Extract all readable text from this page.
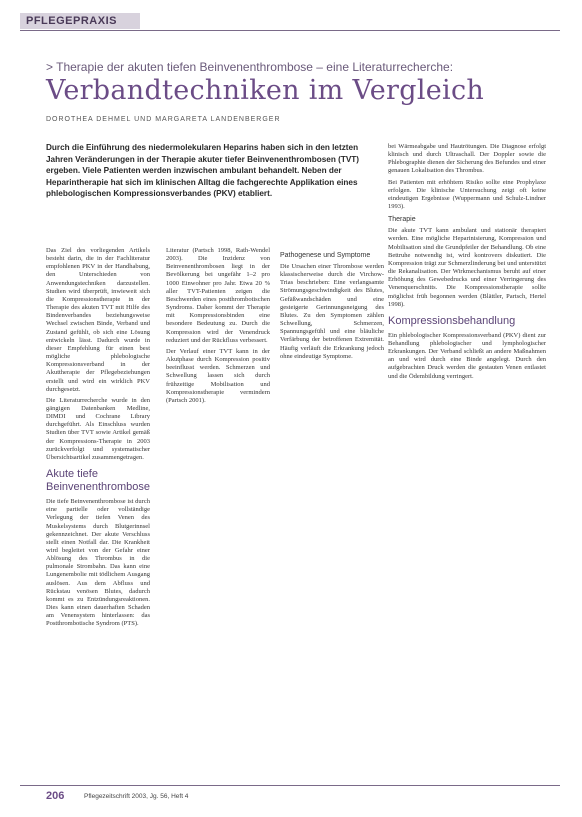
PFLEGEPRAXIS
> Therapie der akuten tiefen Beinvenenthrombose – eine Literaturrecherche:
Verbandtechniken im Vergleich
DOROTHEA DEHMEL UND MARGARETA LANDENBERGER
Durch die Einführung des niedermolekularen Heparins haben sich in den letzten Jahren Veränderungen in der Therapie akuter tiefer Beinvenenthrombosen (TVT) ergeben. Viele Patienten werden inzwischen ambulant behandelt. Neben der Heparintherapie hat sich im klinischen Alltag die fachgerechte Applikation eines phlebologischen Kompressionsverbandes (PKV) etabliert.

Das Ziel des vorliegenden Artikels besteht darin, die in der Fachliteratur empfohlenen PKV in der Handhabung, den Unterschieden von Anwendungstechniken darzustellen. Studien wird überprüft, inwieweit sich die Kompressionstherapie in der Therapie des akuten TVT mit Hilfe des Bindenverbandes beziehungsweise Wechsel zwischen Binde, Verband und Zustand gefühlt, ob sich eine Lösung entwickeln lässt. Dadurch wurde in dieser Empfehlung für einen best mögliche phlebologische Kompressionsverband in der Akuttherapie der Pflegebeziehungen erstellt und wird ein wirklich PKV durchgesetzt.

Die Literaturrecherche wurde in den gängigen Datenbanken Medline, DIMDI und Cochrane Library durchgeführt. Als Einschluss wurden Studien über TVT sowie Artikel gemäß der Kompressions-Therapie in 2003 zurückverfolgt und systematischer Übersichtsartikel zusammengetragen.

Akute tiefe Beinvenenthrombose

Die tiefe Beinvenenthrombose ist durch eine partielle oder vollständige Verlegung der tiefen Venen des Muskelsystems durch Blutgerinnsel gekennzeichnet. Der akute Verschluss stellt einen Notfall dar. Die Krankheit wird begleitet von der Gefahr einer Ablösung des Thrombus in die pulmonale Strombahn. Das kann eine Lungenembolie mit tödlichem Ausgang auslösen. Aus dem Abfluss und Rückstau venösen Blutes, dadurch kommt es zu Entzündungsreaktionen. Dies kann einen dauerhaften Schaden am Venensystem hinterlassen: das Postthrombotische Syndrom (PTS).

Literatur (Partsch 1998, Rath-Wendel 2003). Die Inzidenz von Beinvenenthrombosen liegt in der Bevölkerung bei ungefähr 1–2 pro 1000 Einwohner pro Jahr. Etwa 20 % aller TVT-Patienten zeigen die Beschwerden eines postthrombotischen Syndroms. Daher kommt der Therapie mit Kompressionsbinden eine besondere Bedeutung zu. Durch die Kompression wird der Venendruck reduziert und der Rückfluss verbessert.

Der Verlauf einer TVT kann in der Akutphase durch Kompression positiv beeinflusst werden. Schmerzen und Schwellung lassen sich durch frühzeitige Mobilisation und Kompressionstherapie vermindern (Partsch 2001).

Pathogenese und Symptome

Die Ursachen einer Thrombose werden klassischerweise durch die Virchow-Trias beschrieben: Eine verlangsamte Strömungsgeschwindigkeit des Blutes, Gefäßwandschäden und eine gesteigerte Gerinnungsneigung des Blutes. Zu den Symptomen zählen Schwellung, Schmerzen, Spannungsgefühl und eine bläuliche Verfärbung der betroffenen Extremität. Häufig verläuft die Erkrankung jedoch ohne eindeutige Symptome.

bei Wärmeabgabe und Hautrötungen. Die Diagnose erfolgt klinisch und durch Ultraschall. Der Doppler sowie die Phlebographie dienen der Sicherung des Befundes und einer genauen Lokalisation des Thrombus.

Bei Patienten mit erhöhtem Risiko sollte eine Prophylaxe erfolgen. Die klinische Untersuchung zeigt oft keine eindeutigen Ergebnisse (Wuppermann und Schulz-Lindner 1993).

Therapie

Die akute TVT kann ambulant und stationär therapiert werden. Eine mögliche Heparinisierung, Kompression und Mobilisation sind die Grundpfeiler der Behandlung. Ob eine Bettruhe notwendig ist, wird kontrovers diskutiert. Die Kompression trägt zur Schmerzlinderung bei und unterstützt die Rekanalisation. Der Wirkmechanismus beruht auf einer Erhöhung des Gewebedrucks und einer Verringerung des Venenquerschnitts. Die Kompressionstherapie sollte möglichst früh begonnen werden (Blättler, Partsch, Hertel 1998).

Kompressionsbehandlung

Ein phlebologischer Kompressionsverband (PKV) dient zur Behandlung phlebologischer und lymphologischer Erkrankungen. Der Verband schließt an andere Maßnahmen an und wird durch eine Binde angelegt. Durch den aufgebrachten Druck werden die gestauten Venen entlastet und die Ödembildung verringert.

206	Pflegezeitschrift 2003, Jg. 56, Heft 4
